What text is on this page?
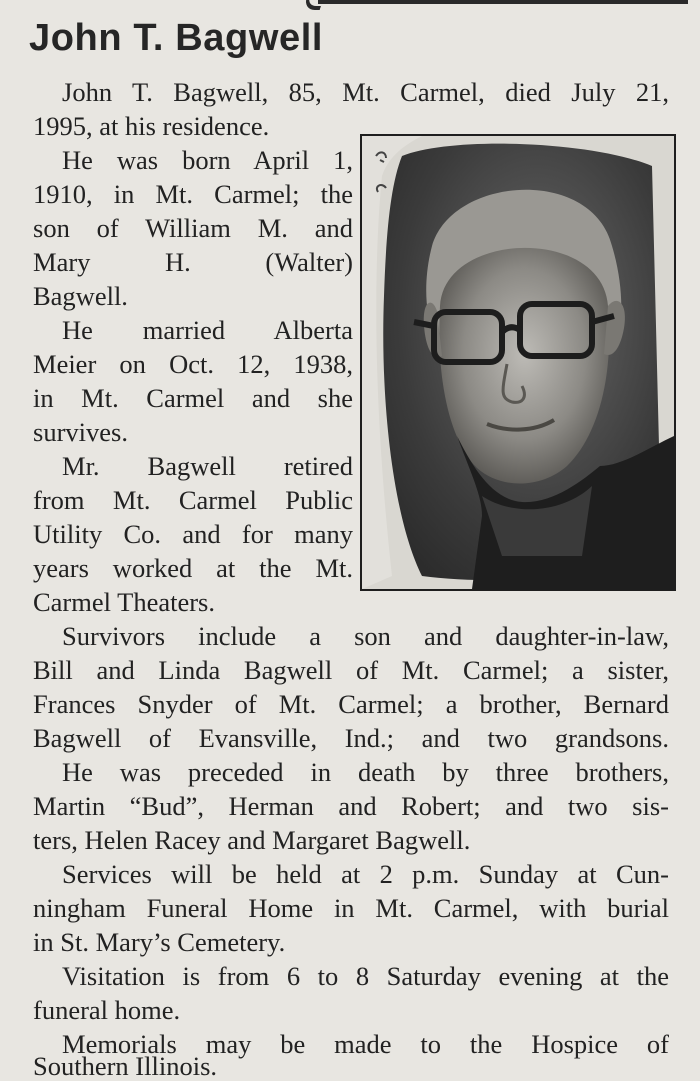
John T. Bagwell
John T. Bagwell, 85, Mt. Carmel, died July 21,
1995, at his residence.
He was born April 1,
1910, in Mt. Carmel; the
son of William M. and
Mary H. (Walter)
Bagwell.
He married Alberta
Meier on Oct. 12, 1938,
in Mt. Carmel and she
survives.
Mr. Bagwell retired
from Mt. Carmel Public
Utility Co. and for many
years worked at the Mt.
Carmel Theaters.
Survivors include a son and daughter-in-law,
Bill and Linda Bagwell of Mt. Carmel; a sister,
Frances Snyder of Mt. Carmel; a brother, Bernard
Bagwell of Evansville, Ind.; and two grandsons.
He was preceded in death by three brothers,
Martin “Bud”, Herman and Robert; and two sis-
ters, Helen Racey and Margaret Bagwell.
Services will be held at 2 p.m. Sunday at Cun-
ningham Funeral Home in Mt. Carmel, with burial
in St. Mary’s Cemetery.
Visitation is from 6 to 8 Saturday evening at the
funeral home.
Memorials may be made to the Hospice of
Southern Illinois.
